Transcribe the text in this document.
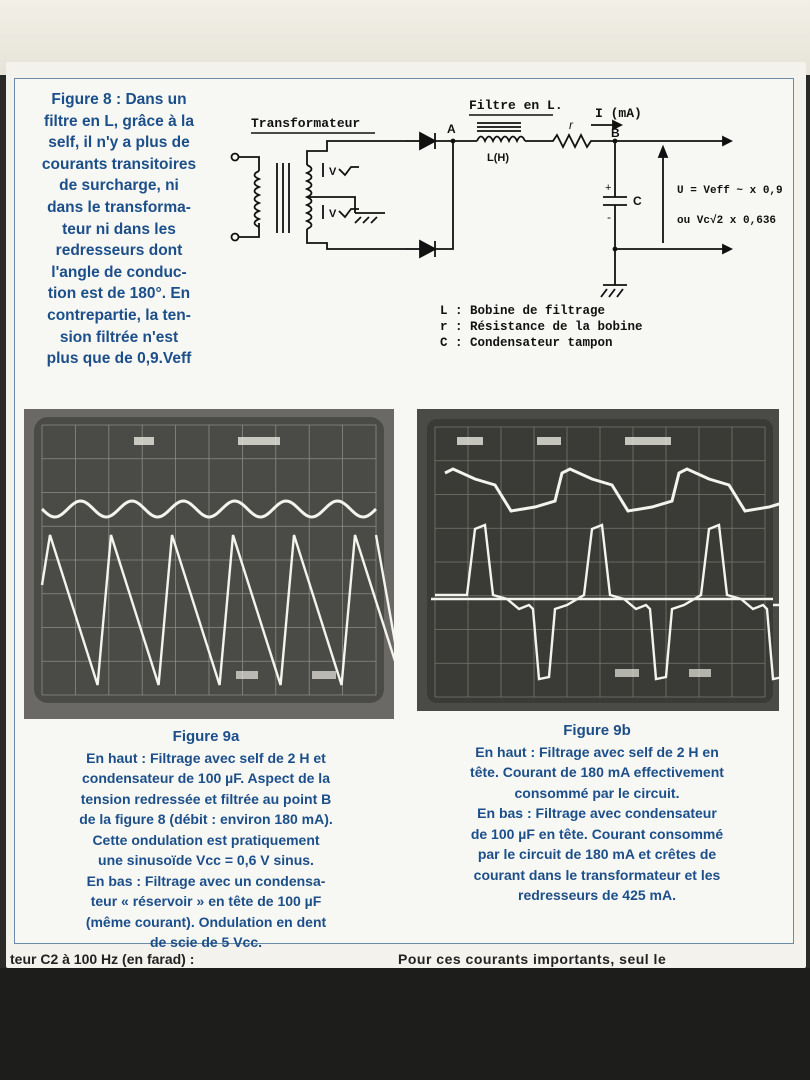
Figure 8 : Dans un
filtre en L, grâce à la
self, il n'y a plus de
courants transitoires
de surcharge, ni
dans le transforma-
teur ni dans les
redresseurs dont
l'angle de conduc-
tion est de 180°. En
contrepartie, la ten-
sion filtrée n'est
plus que de 0,9.Veff
Transformateur
Filtre en L.
I (mA)
A	B
r
L(H)
C
V
V
+
-
U = Veff ~ x 0,9
ou Vc√2 x 0,636
L : Bobine de filtrage
r : Résistance de la bobine
C : Condensateur tampon
Figure 9a
En haut : Filtrage avec self de 2 H et
condensateur de 100 µF. Aspect de la
tension redressée et filtrée au point B
de la figure 8 (débit : environ 180 mA).
Cette ondulation est pratiquement
une sinusoïde Vcc = 0,6 V sinus.
En bas : Filtrage avec un condensa-
teur « réservoir » en tête de 100 µF
(même courant). Ondulation en dent
de scie de 5 Vcc.
Figure 9b
En haut : Filtrage avec self de 2 H en
tête. Courant de 180 mA effectivement
consommé par le circuit.
En bas : Filtrage avec condensateur
de 100 µF en tête. Courant consommé
par le circuit de 180 mA et crêtes de
courant dans le transformateur et les
redresseurs de 425 mA.
teur C2 à 100 Hz (en farad) :	Pour ces courants importants, seul le
